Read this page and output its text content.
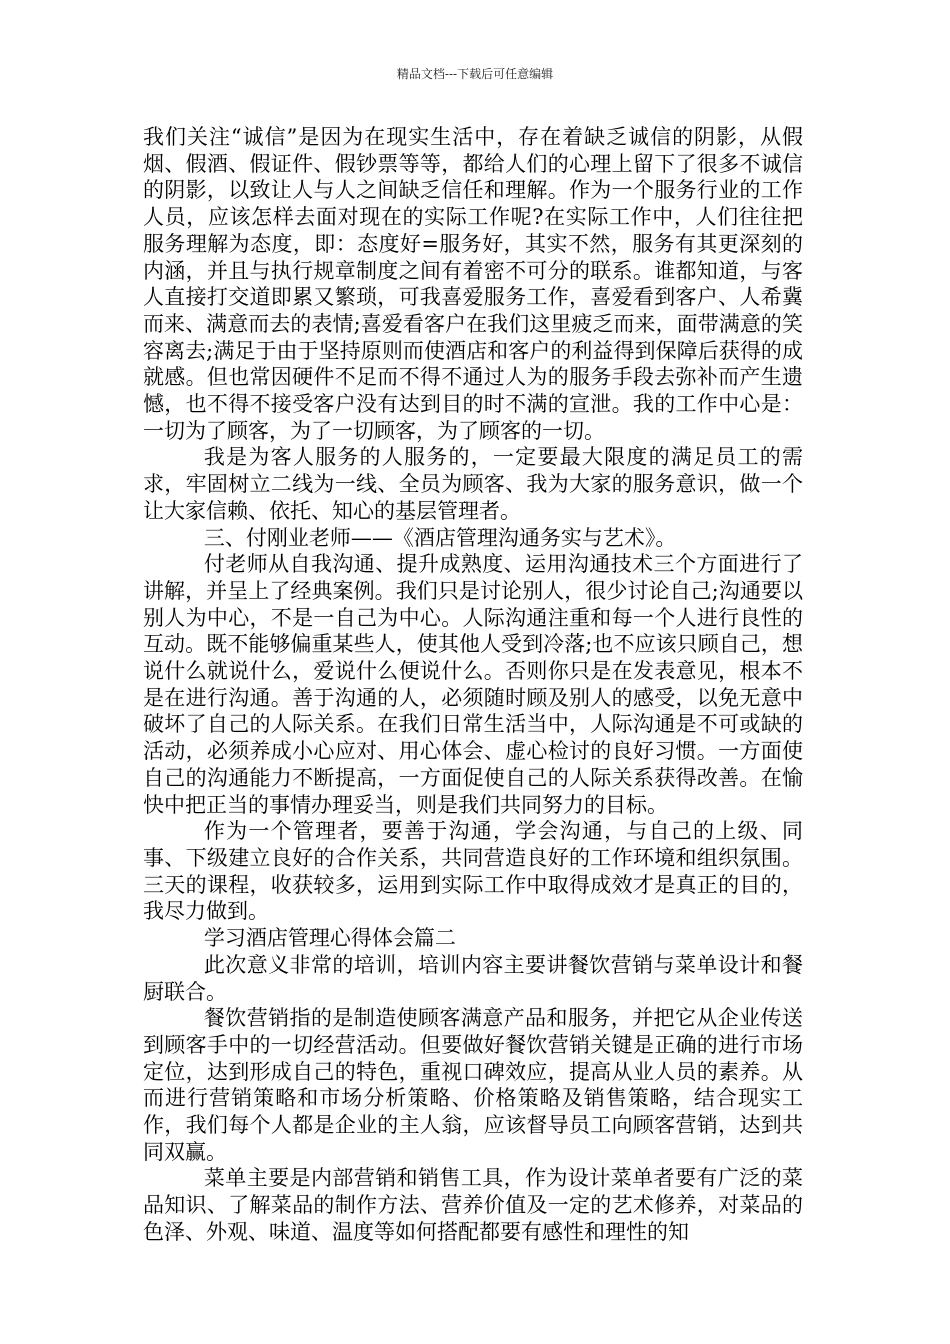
精品文档---下载后可任意编辑

我们关注“诚信”是因为在现实生活中，存在着缺乏诚信的阴影，从假烟、假酒、假证件、假钞票等等，都给人们的心理上留下了很多不诚信的阴影，以致让人与人之间缺乏信任和理解。作为一个服务行业的工作人员，应该怎样去面对现在的实际工作呢?在实际工作中，人们往往把服务理解为态度，即：态度好=服务好，其实不然，服务有其更深刻的内涵，并且与执行规章制度之间有着密不可分的联系。谁都知道，与客人直接打交道即累又繁琐，可我喜爱服务工作，喜爱看到客户、人希冀而来、满意而去的表情;喜爱看客户在我们这里疲乏而来，面带满意的笑容离去;满足于由于坚持原则而使酒店和客户的利益得到保障后获得的成就感。但也常因硬件不足而不得不通过人为的服务手段去弥补而产生遗憾，也不得不接受客户没有达到目的时不满的宣泄。我的工作中心是：一切为了顾客，为了一切顾客，为了顾客的一切。

我是为客人服务的人服务的，一定要最大限度的满足员工的需求，牢固树立二线为一线、全员为顾客、我为大家的服务意识，做一个让大家信赖、依托、知心的基层管理者。

三、付刚业老师——《酒店管理沟通务实与艺术》。

付老师从自我沟通、提升成熟度、运用沟通技术三个方面进行了讲解，并呈上了经典案例。我们只是讨论别人，很少讨论自己;沟通要以别人为中心，不是一自己为中心。人际沟通注重和每一个人进行良性的互动。既不能够偏重某些人，使其他人受到冷落;也不应该只顾自己，想说什么就说什么，爱说什么便说什么。否则你只是在发表意见，根本不是在进行沟通。善于沟通的人，必须随时顾及别人的感受，以免无意中破坏了自己的人际关系。在我们日常生活当中，人际沟通是不可或缺的活动，必须养成小心应对、用心体会、虚心检讨的良好习惯。一方面使自己的沟通能力不断提高，一方面促使自己的人际关系获得改善。在愉快中把正当的事情办理妥当，则是我们共同努力的目标。

作为一个管理者，要善于沟通，学会沟通，与自己的上级、同事、下级建立良好的合作关系，共同营造良好的工作环境和组织氛围。三天的课程，收获较多，运用到实际工作中取得成效才是真正的目的，我尽力做到。

学习酒店管理心得体会篇二

此次意义非常的培训，培训内容主要讲餐饮营销与菜单设计和餐厨联合。

餐饮营销指的是制造使顾客满意产品和服务，并把它从企业传送到顾客手中的一切经营活动。但要做好餐饮营销关键是正确的进行市场定位，达到形成自己的特色，重视口碑效应，提高从业人员的素养。从而进行营销策略和市场分析策略、价格策略及销售策略，结合现实工作，我们每个人都是企业的主人翁，应该督导员工向顾客营销，达到共同双赢。

菜单主要是内部营销和销售工具，作为设计菜单者要有广泛的菜品知识、了解菜品的制作方法、营养价值及一定的艺术修养，对菜品的色泽、外观、味道、温度等如何搭配都要有感性和理性的知
